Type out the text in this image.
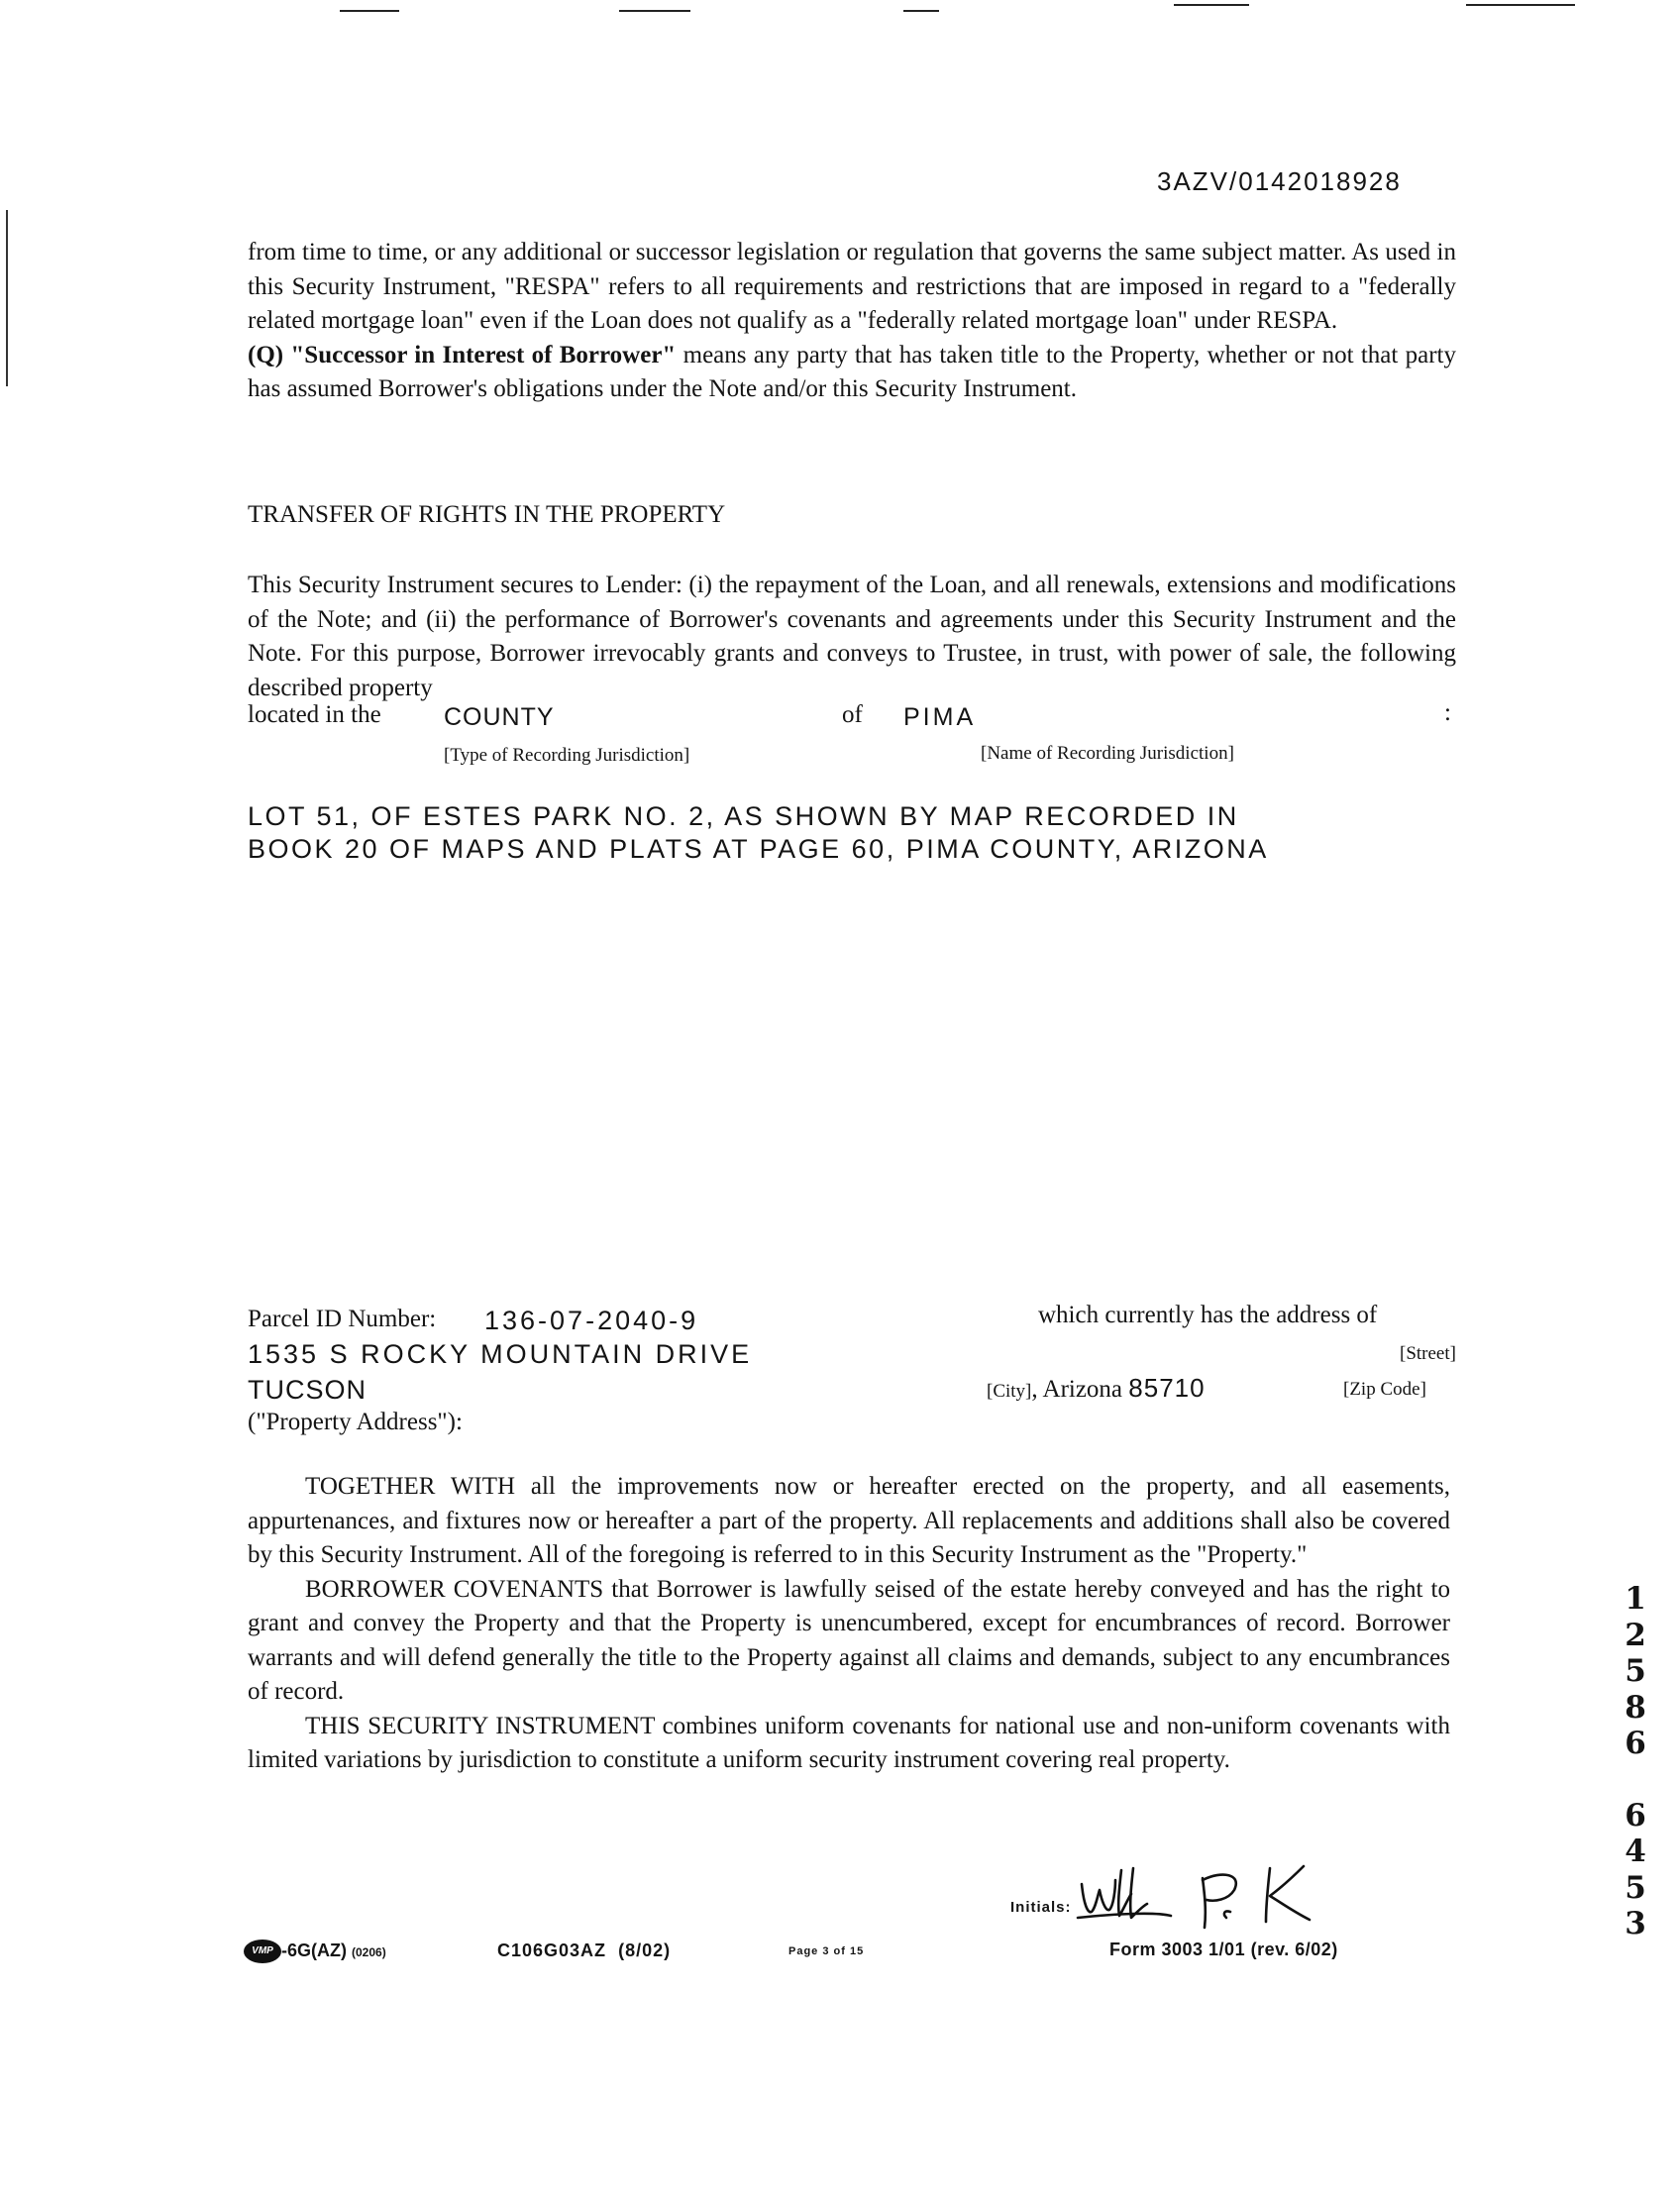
3AZV/0142018928

from time to time, or any additional or successor legislation or regulation that governs the same subject matter. As used in this Security Instrument, "RESPA" refers to all requirements and restrictions that are imposed in regard to a "federally related mortgage loan" even if the Loan does not qualify as a "federally related mortgage loan" under RESPA.

(Q) "Successor in Interest of Borrower" means any party that has taken title to the Property, whether or not that party has assumed Borrower's obligations under the Note and/or this Security Instrument.

TRANSFER OF RIGHTS IN THE PROPERTY

This Security Instrument secures to Lender: (i) the repayment of the Loan, and all renewals, extensions and modifications of the Note; and (ii) the performance of Borrower's covenants and agreements under this Security Instrument and the Note. For this purpose, Borrower irrevocably grants and conveys to Trustee, in trust, with power of sale, the following described property

located in the	COUNTY	of PIMA	:
[Type of Recording Jurisdiction]	[Name of Recording Jurisdiction]
LOT 51, OF ESTES PARK NO. 2, AS SHOWN BY MAP RECORDED IN
BOOK 20 OF MAPS AND PLATS AT PAGE 60, PIMA COUNTY, ARIZONA
Parcel ID Number: 136-07-2040-9	which currently has the address of
1535 S ROCKY MOUNTAIN DRIVE	[Street]
TUCSON	[City], Arizona 85710	[Zip Code]
("Property Address"):

TOGETHER WITH all the improvements now or hereafter erected on the property, and all easements, appurtenances, and fixtures now or hereafter a part of the property. All replacements and additions shall also be covered by this Security Instrument. All of the foregoing is referred to in this Security Instrument as the "Property."

BORROWER COVENANTS that Borrower is lawfully seised of the estate hereby conveyed and has the right to grant and convey the Property and that the Property is unencumbered, except for encumbrances of record. Borrower warrants and will defend generally the title to the Property against all claims and demands, subject to any encumbrances of record.

THIS SECURITY INSTRUMENT combines uniform covenants for national use and non-uniform covenants with limited variations by jurisdiction to constitute a uniform security instrument covering real property.

1
2
5
8
6
6
4
5
3
Initials:
VMP -6G(AZ) (0206)	C106G03AZ (8/02)	Page 3 of 15	Form 3003 1/01 (rev. 6/02)
